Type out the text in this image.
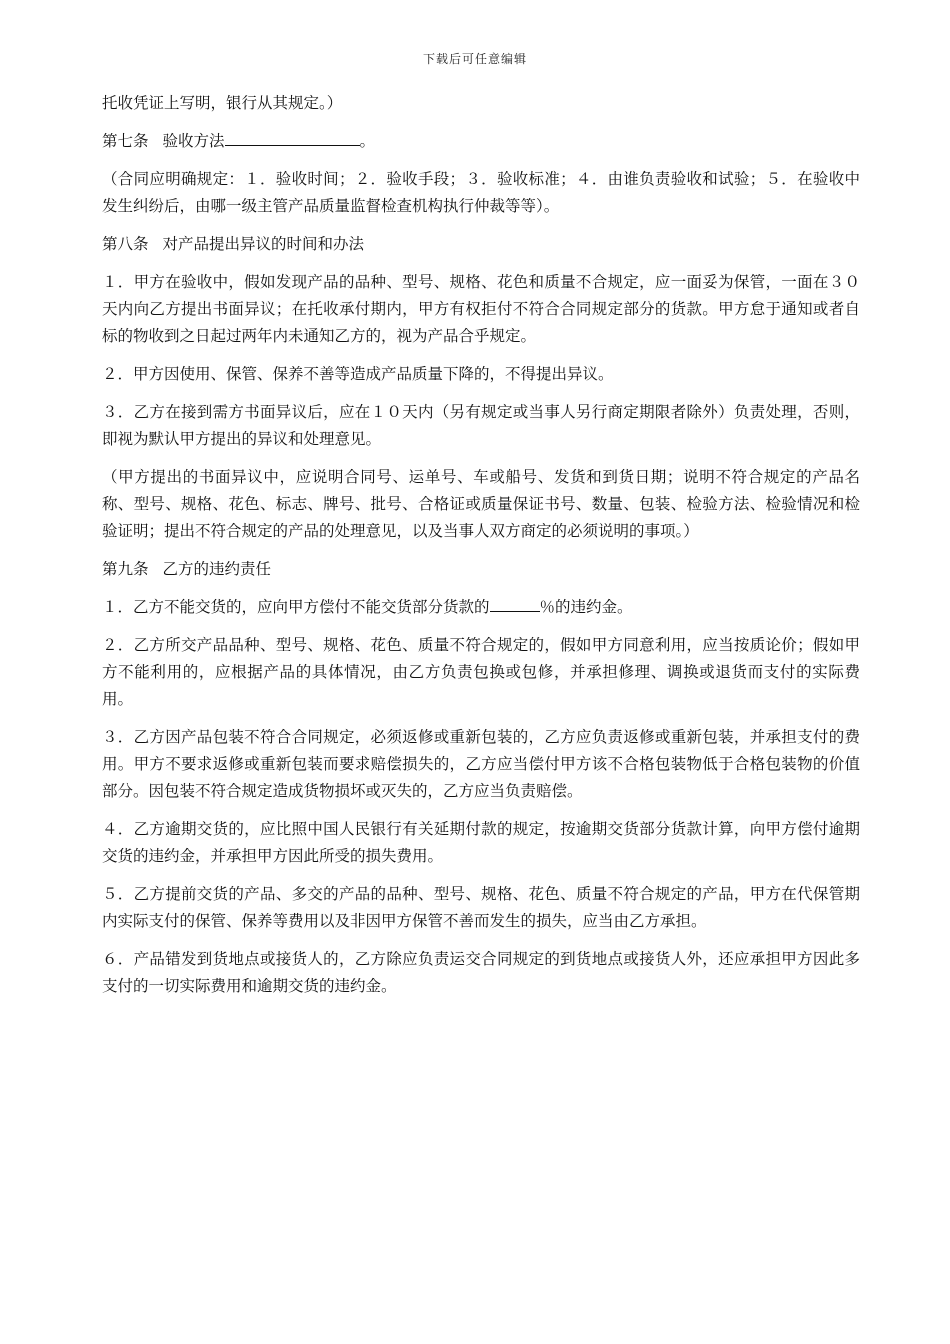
下载后可任意编辑

托收凭证上写明，银行从其规定。）

第七条 验收方法	。

（合同应明确规定：１．验收时间；２．验收手段；３．验收标准；４．由谁负责验收和试验；５．在验收中发生纠纷后，由哪一级主管产品质量监督检查机构执行仲裁等等）。

第八条 对产品提出异议的时间和办法

１．甲方在验收中，假如发现产品的品种、型号、规格、花色和质量不合规定，应一面妥为保管，一面在３０天内向乙方提出书面异议；在托收承付期内，甲方有权拒付不符合合同规定部分的货款。甲方怠于通知或者自标的物收到之日起过两年内未通知乙方的，视为产品合乎规定。

２．甲方因使用、保管、保养不善等造成产品质量下降的，不得提出异议。

３．乙方在接到需方书面异议后，应在１０天内（另有规定或当事人另行商定期限者除外）负责处理，否则，即视为默认甲方提出的异议和处理意见。

（甲方提出的书面异议中，应说明合同号、运单号、车或船号、发货和到货日期；说明不符合规定的产品名称、型号、规格、花色、标志、牌号、批号、合格证或质量保证书号、数量、包装、检验方法、检验情况和检验证明；提出不符合规定的产品的处理意见，以及当事人双方商定的必须说明的事项。）

第九条 乙方的违约责任

１．乙方不能交货的，应向甲方偿付不能交货部分货款的	％的违约金。

２．乙方所交产品品种、型号、规格、花色、质量不符合规定的，假如甲方同意利用，应当按质论价；假如甲方不能利用的，应根据产品的具体情况，由乙方负责包换或包修，并承担修理、调换或退货而支付的实际费用。

３．乙方因产品包装不符合合同规定，必须返修或重新包装的，乙方应负责返修或重新包装，并承担支付的费用。甲方不要求返修或重新包装而要求赔偿损失的，乙方应当偿付甲方该不合格包装物低于合格包装物的价值部分。因包装不符合规定造成货物损坏或灭失的，乙方应当负责赔偿。

４．乙方逾期交货的，应比照中国人民银行有关延期付款的规定，按逾期交货部分货款计算，向甲方偿付逾期交货的违约金，并承担甲方因此所受的损失费用。

５．乙方提前交货的产品、多交的产品的品种、型号、规格、花色、质量不符合规定的产品，甲方在代保管期内实际支付的保管、保养等费用以及非因甲方保管不善而发生的损失，应当由乙方承担。

６．产品错发到货地点或接货人的，乙方除应负责运交合同规定的到货地点或接货人外，还应承担甲方因此多支付的一切实际费用和逾期交货的违约金。
